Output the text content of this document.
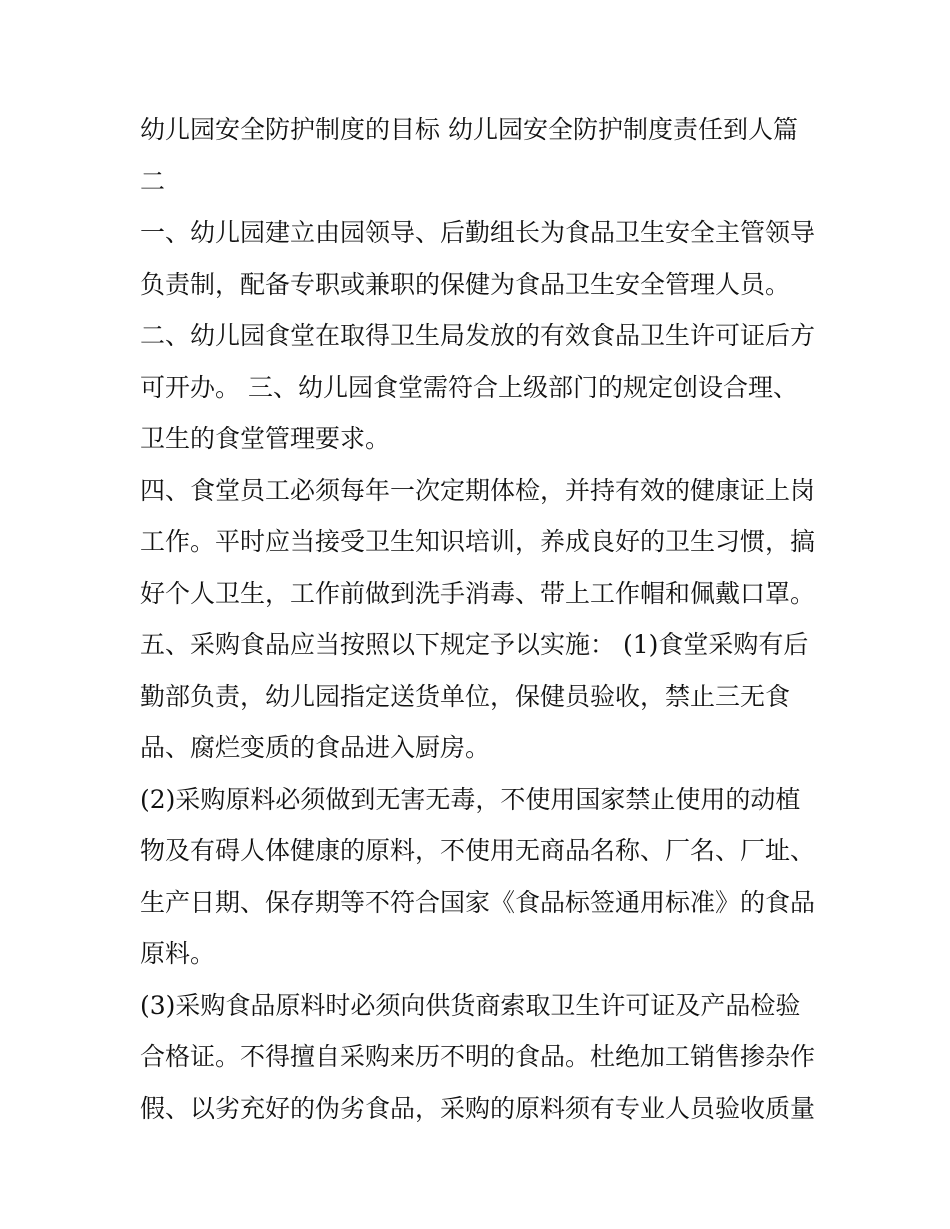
幼儿园安全防护制度的目标 幼儿园安全防护制度责任到人篇二

一、幼儿园建立由园领导、后勤组长为食品卫生安全主管领导负责制，配备专职或兼职的保健为食品卫生安全管理人员。

二、幼儿园食堂在取得卫生局发放的有效食品卫生许可证后方可开办。 三、幼儿园食堂需符合上级部门的规定创设合理、卫生的食堂管理要求。

四、食堂员工必须每年一次定期体检，并持有效的健康证上岗工作。平时应当接受卫生知识培训，养成良好的卫生习惯，搞好个人卫生，工作前做到洗手消毒、带上工作帽和佩戴口罩。

五、采购食品应当按照以下规定予以实施： (1)食堂采购有后勤部负责，幼儿园指定送货单位，保健员验收，禁止三无食品、腐烂变质的食品进入厨房。

(2)采购原料必须做到无害无毒，不使用国家禁止使用的动植物及有碍人体健康的原料，不使用无商品名称、厂名、厂址、生产日期、保存期等不符合国家《食品标签通用标准》的食品原料。

(3)采购食品原料时必须向供货商索取卫生许可证及产品检验合格证。不得擅自采购来历不明的食品。杜绝加工销售掺杂作假、以劣充好的伪劣食品，采购的原料须有专业人员验收质量
